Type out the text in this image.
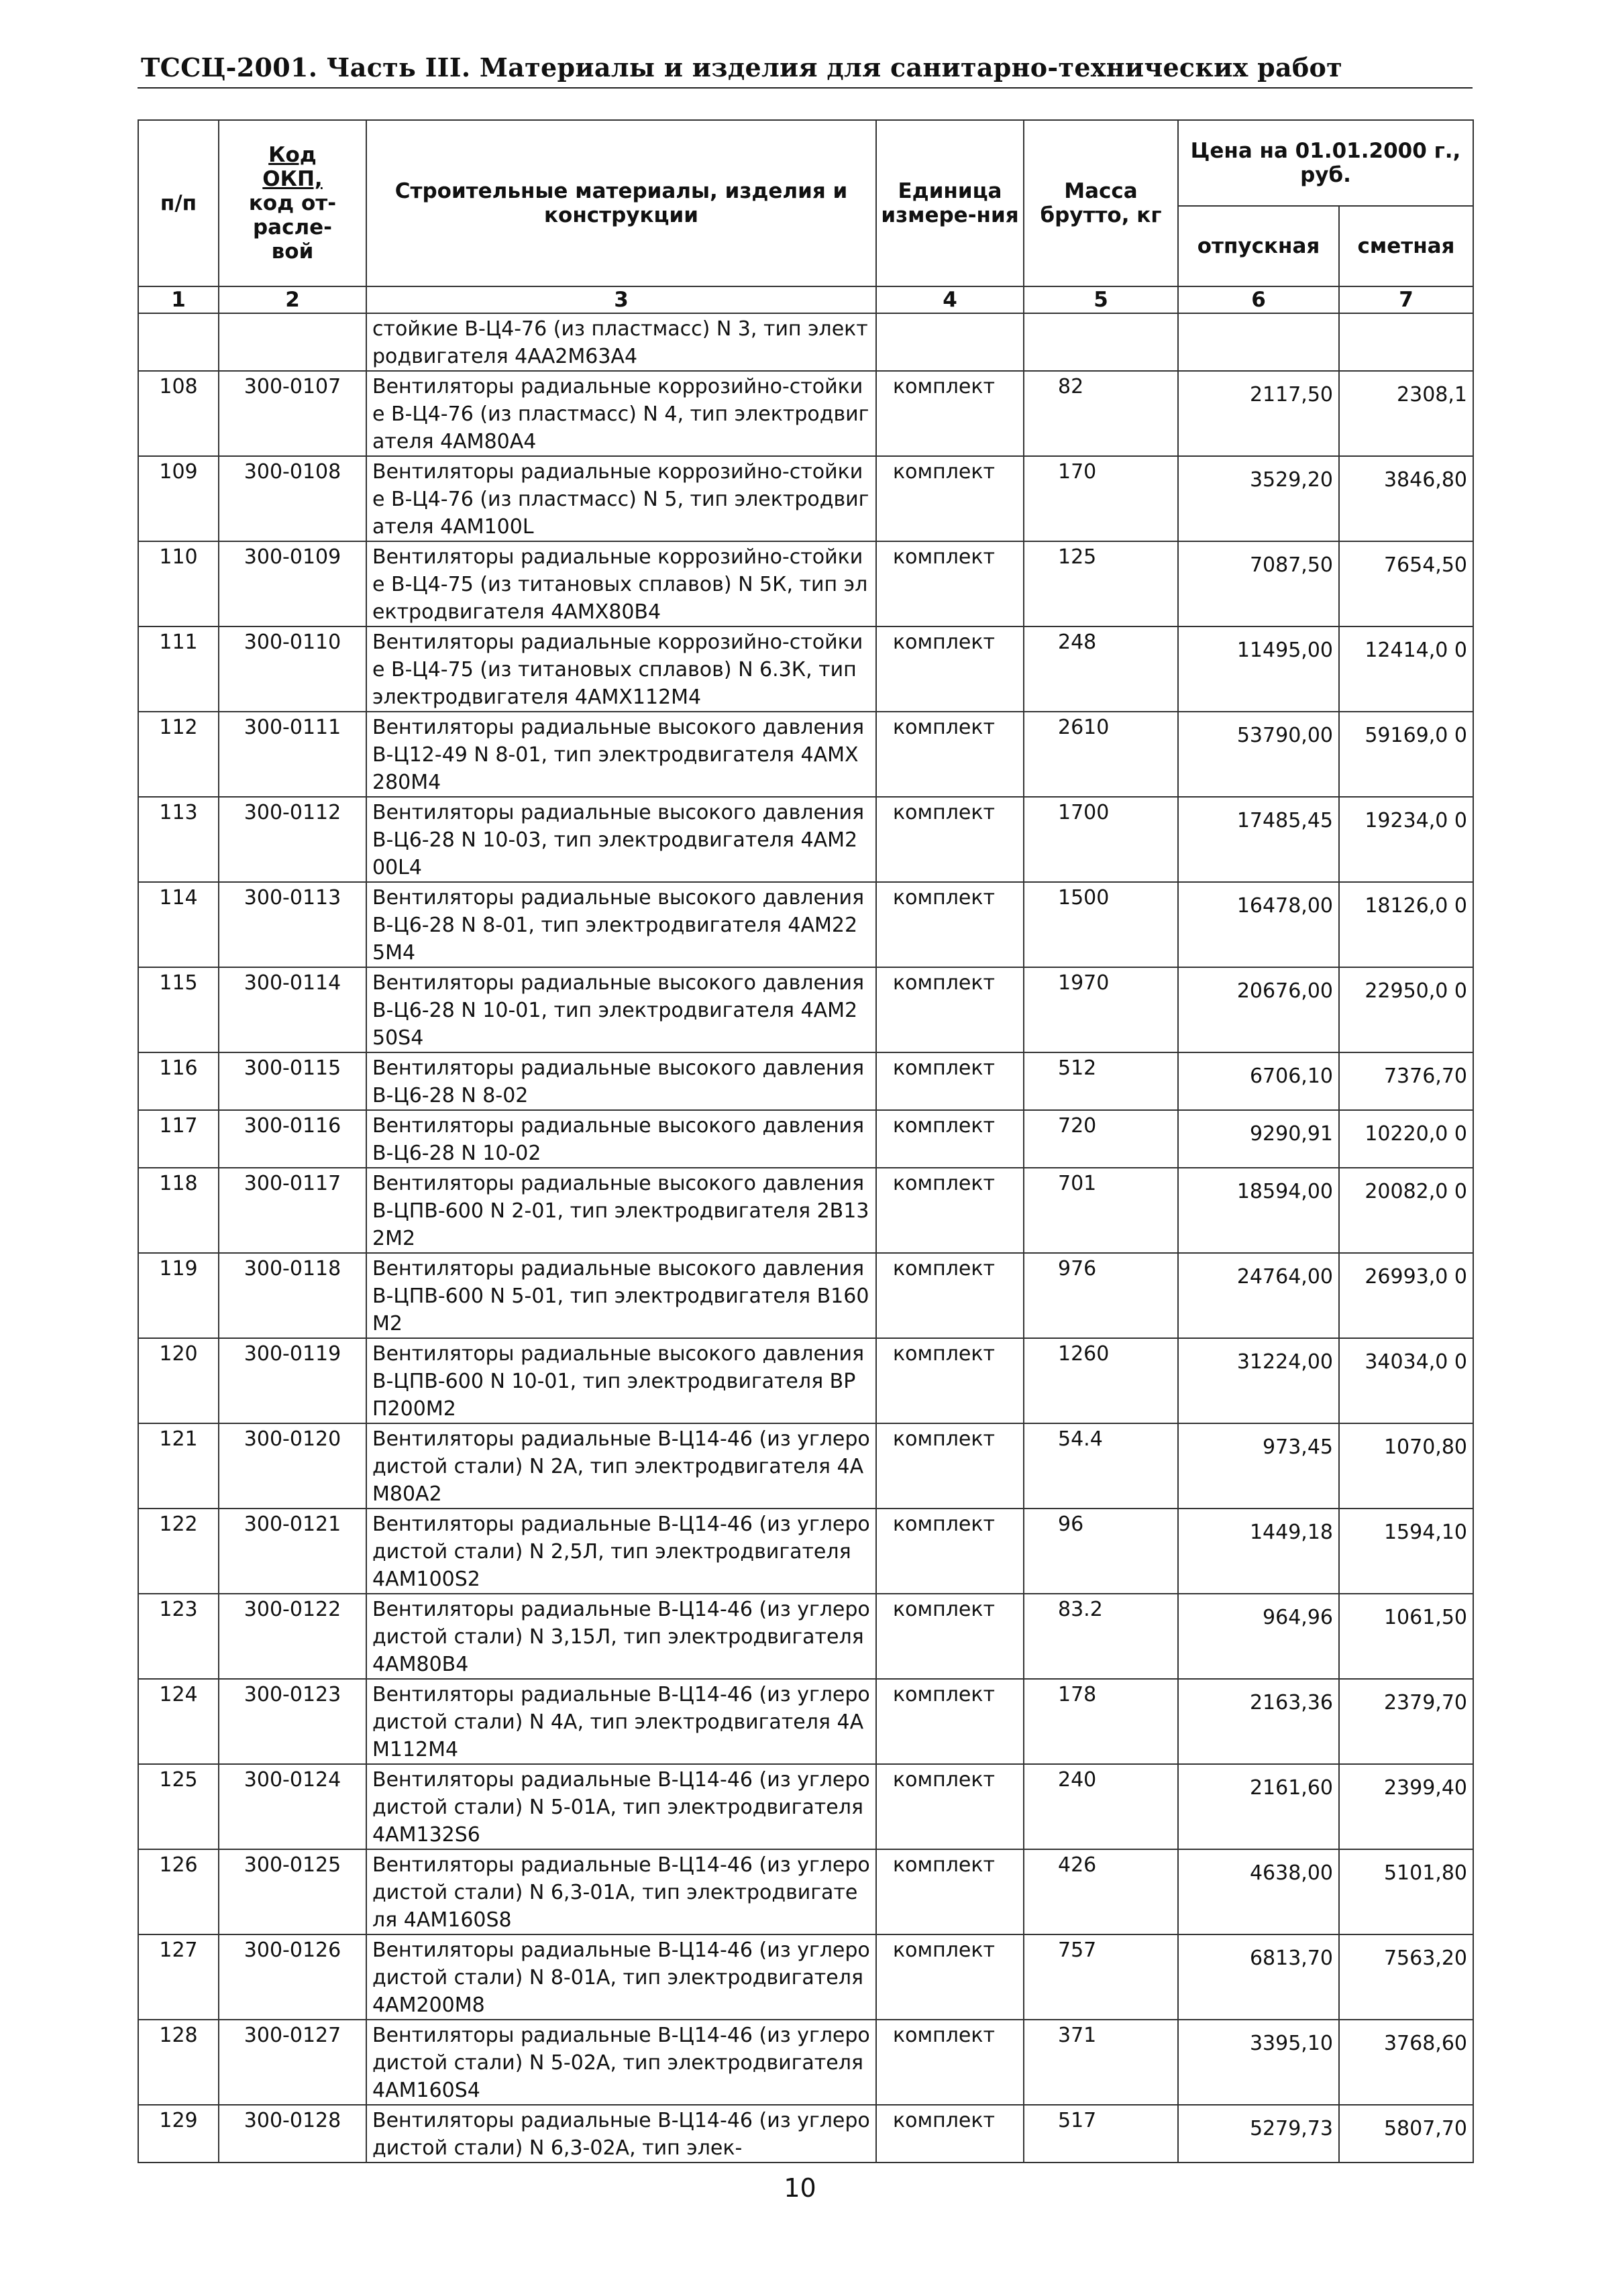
ТССЦ-2001. Часть III. Материалы и изделия для санитарно-технических работ
п/п	Код
ОКП,
код от-
расле-
вой	Строительные материалы, изделия и конструкции	Единица измере-ния	Масса брутто, кг	Цена на 01.01.2000 г., руб.	
					отпускная	сметная
1	2	3	4	5	6	7
		стойкие В-Ц4-76 (из пластмасс) N 3, тип электродвигателя 4АА2М63А4				
108	300-0107	Вентиляторы радиальные коррозийно-стойкие В-Ц4-76 (из пластмасс) N 4, тип электродвигателя 4АМ80А4	комплект	82	2117,50	2308,1
109	300-0108	Вентиляторы радиальные коррозийно-стойкие В-Ц4-76 (из пластмасс) N 5, тип электродвигателя 4АМ100L	комплект	170	3529,20	3846,80
110	300-0109	Вентиляторы радиальные коррозийно-стойкие В-Ц4-75 (из титановых сплавов) N 5К, тип электродвигателя 4АМХ80В4	комплект	125	7087,50	7654,50
111	300-0110	Вентиляторы радиальные коррозийно-стойкие В-Ц4-75 (из титановых сплавов) N 6.3К, тип электродвигателя 4АМХ112М4	комплект	248	11495,00	12414,0 0
112	300-0111	Вентиляторы радиальные высокого давления В-Ц12-49 N 8-01, тип электродвигателя 4АМХ280М4	комплект	2610	53790,00	59169,0 0
113	300-0112	Вентиляторы радиальные высокого давления В-Ц6-28 N 10-03, тип электродвигателя 4АМ200L4	комплект	1700	17485,45	19234,0 0
114	300-0113	Вентиляторы радиальные высокого давления В-Ц6-28 N 8-01, тип электродвигателя 4АМ225М4	комплект	1500	16478,00	18126,0 0
115	300-0114	Вентиляторы радиальные высокого давления В-Ц6-28 N 10-01, тип электродвигателя 4АМ250S4	комплект	1970	20676,00	22950,0 0
116	300-0115	Вентиляторы радиальные высокого давления В-Ц6-28 N 8-02	комплект	512	6706,10	7376,70
117	300-0116	Вентиляторы радиальные высокого давления В-Ц6-28 N 10-02	комплект	720	9290,91	10220,0 0
118	300-0117	Вентиляторы радиальные высокого давления В-ЦПВ-600 N 2-01, тип электродвигателя 2В132М2	комплект	701	18594,00	20082,0 0
119	300-0118	Вентиляторы радиальные высокого давления В-ЦПВ-600 N 5-01, тип электродвигателя В160М2	комплект	976	24764,00	26993,0 0
120	300-0119	Вентиляторы радиальные высокого давления В-ЦПВ-600 N 10-01, тип электродвигателя ВРП200М2	комплект	1260	31224,00	34034,0 0
121	300-0120	Вентиляторы радиальные В-Ц14-46 (из углеродистой стали) N 2А, тип электродвигателя 4АМ80А2	комплект	54.4	973,45	1070,80
122	300-0121	Вентиляторы радиальные В-Ц14-46 (из углеродистой стали) N 2,5Л, тип электродвигателя 4АМ100S2	комплект	96	1449,18	1594,10
123	300-0122	Вентиляторы радиальные В-Ц14-46 (из углеродистой стали) N 3,15Л, тип электродвигателя 4АМ80В4	комплект	83.2	964,96	1061,50
124	300-0123	Вентиляторы радиальные В-Ц14-46 (из углеродистой стали) N 4А, тип электродвигателя 4АМ112М4	комплект	178	2163,36	2379,70
125	300-0124	Вентиляторы радиальные В-Ц14-46 (из углеродистой стали) N 5-01А, тип электродвигателя 4АМ132S6	комплект	240	2161,60	2399,40
126	300-0125	Вентиляторы радиальные В-Ц14-46 (из углеродистой стали) N 6,3-01А, тип электродвигателя 4АМ160S8	комплект	426	4638,00	5101,80
127	300-0126	Вентиляторы радиальные В-Ц14-46 (из углеродистой стали) N 8-01А, тип электродвигателя 4АМ200М8	комплект	757	6813,70	7563,20
128	300-0127	Вентиляторы радиальные В-Ц14-46 (из углеродистой стали) N 5-02А, тип электродвигателя 4АМ160S4	комплект	371	3395,10	3768,60
129	300-0128	Вентиляторы радиальные В-Ц14-46 (из углеродистой стали) N 6,3-02А, тип элек-	комплект	517	5279,73	5807,70
10
